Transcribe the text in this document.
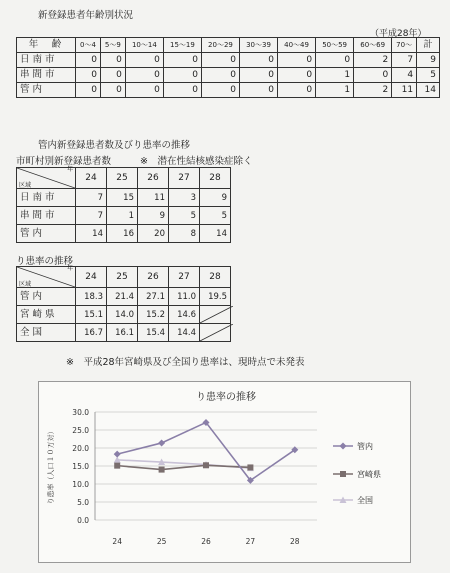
新登録患者年齢別状況
（平成28年）
年　齢	0〜4	5〜9	10〜14	15〜19	20〜29	30〜39	40〜49	50〜59	60〜69	70〜	計
日南市	0	0	0	0	0	0	0	0	2	7	9
串間市	0	0	0	0	0	0	0	1	0	4	5
管内	0	0	0	0	0	0	0	1	2	11	14
管内新登録患者数及びり患率の推移
市町村別新登録患者数	※　潜在性結核感染症除く
年
区域	24	25	26	27	28
日南市	7	15	11	3	9
串間市	7	1	9	5	5
管内	14	16	20	8	14
り患率の推移
年
区域	24	25	26	27	28
管内	18.3	21.4	27.1	11.0	19.5
宮崎県	15.1	14.0	15.2	14.6	

全国	16.7	16.1	15.4	14.4	
※　平成28年宮崎県及び全国り患率は、現時点で未発表
り患率の推移
0.0
5.0
10.0
15.0
20.0
25.0
30.0
24	25	26	27	28
り患率（人口１０万対）	管内
宮崎県
全国
